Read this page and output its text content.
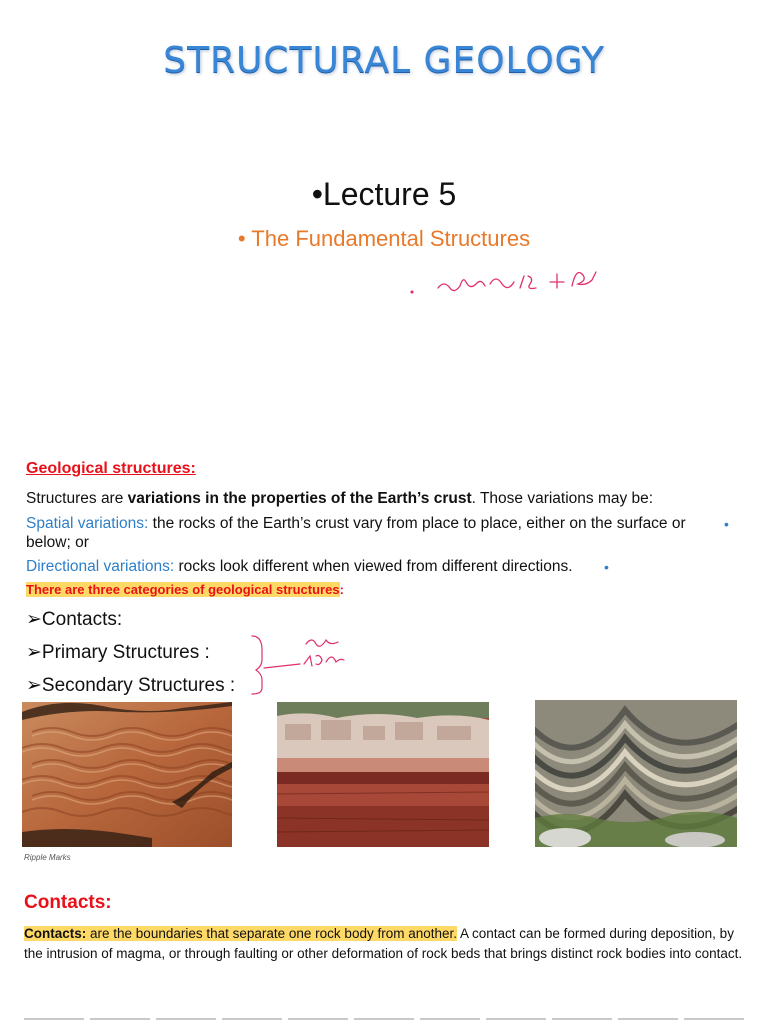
STRUCTURAL GEOLOGY
•Lecture 5
• The Fundamental Structures
Geological structures:
Structures are variations in the properties of the Earth’s crust. Those variations may be:
Spatial variations: the rocks of the Earth’s crust vary from place to place, either on the surface or	•
below; or
Directional variations: rocks look different when viewed from different directions. •
There are three categories of geological structures:
➢Contacts:
➢Primary Structures :
➢Secondary Structures :
Ripple Marks
Contacts:
Contacts: are the boundaries that separate one rock body from another. A contact can be formed during deposition, by the intrusion of magma, or through faulting or other deformation of rock beds that brings distinct rock bodies into contact.
